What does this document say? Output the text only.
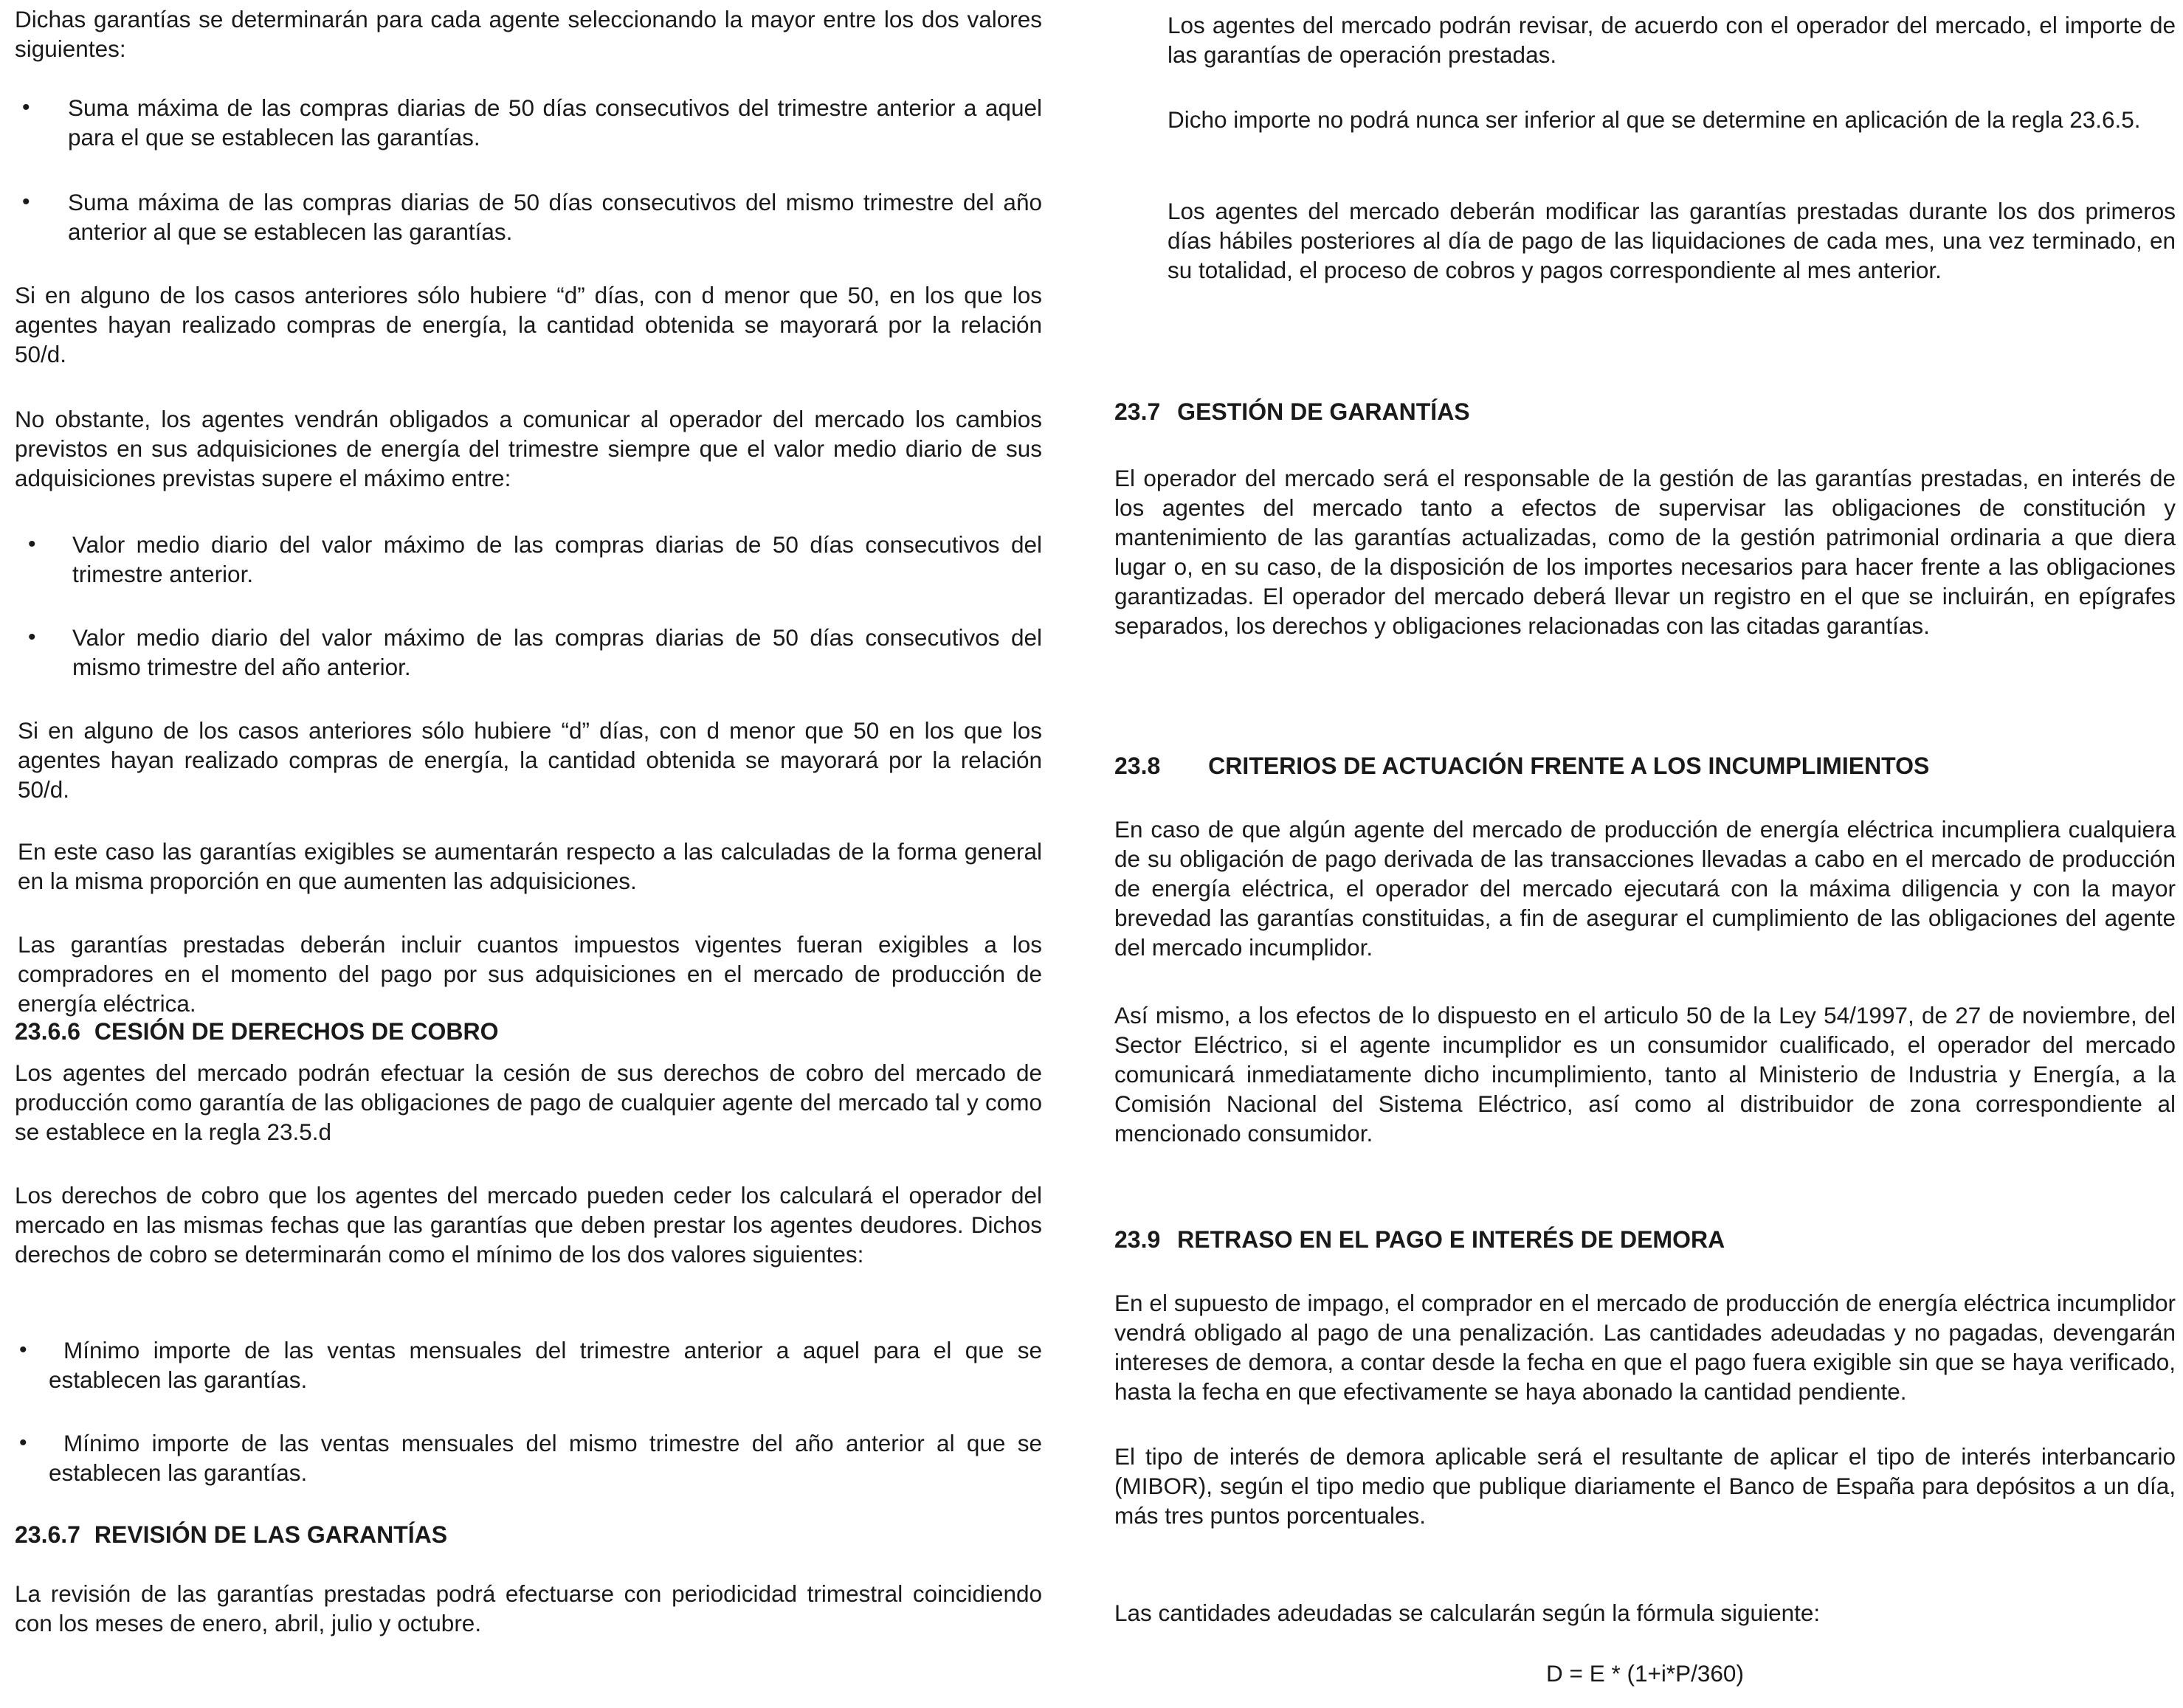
Dichas garantías se determinarán para cada agente seleccionando la mayor entre los dos valores siguientes:

• Suma máxima de las compras diarias de 50 días consecutivos del trimestre anterior a aquel para el que se establecen las garantías.

• Suma máxima de las compras diarias de 50 días consecutivos del mismo trimestre del año anterior al que se establecen las garantías.

Si en alguno de los casos anteriores sólo hubiere “d” días, con d menor que 50, en los que los agentes hayan realizado compras de energía, la cantidad obtenida se mayorará por la relación 50/d.

No obstante, los agentes vendrán obligados a comunicar al operador del mercado los cambios previstos en sus adquisiciones de energía del trimestre siempre que el valor medio diario de sus adquisiciones previstas supere el máximo entre:

• Valor medio diario del valor máximo de las compras diarias de 50 días consecutivos del trimestre anterior.

• Valor medio diario del valor máximo de las compras diarias de 50 días consecutivos del mismo trimestre del año anterior.

Si en alguno de los casos anteriores sólo hubiere “d” días, con d menor que 50 en los que los agentes hayan realizado compras de energía, la cantidad obtenida se mayorará por la relación 50/d.

En este caso las garantías exigibles se aumentarán respecto a las calculadas de la forma general en la misma proporción en que aumenten las adquisiciones.

Las garantías prestadas deberán incluir cuantos impuestos vigentes fueran exigibles a los compradores en el momento del pago por sus adquisiciones en el mercado de producción de energía eléctrica.

23.6.6 CESIÓN DE DERECHOS DE COBRO

Los agentes del mercado podrán efectuar la cesión de sus derechos de cobro del mercado de producción como garantía de las obligaciones de pago de cualquier agente del mercado tal y como se establece en la regla 23.5.d

Los derechos de cobro que los agentes del mercado pueden ceder los calculará el operador del mercado en las mismas fechas que las garantías que deben prestar los agentes deudores. Dichos derechos de cobro se determinarán como el mínimo de los dos valores siguientes:

•	Mínimo importe de las ventas mensuales del trimestre anterior a aquel para el que se establecen las garantías.

•	Mínimo importe de las ventas mensuales del mismo trimestre del año anterior al que se establecen las garantías.

23.6.7 REVISIÓN DE LAS GARANTÍAS

La revisión de las garantías prestadas podrá efectuarse con periodicidad trimestral coincidiendo con los meses de enero, abril, julio y octubre.

Los agentes del mercado podrán revisar, de acuerdo con el operador del mercado, el importe de las garantías de operación prestadas.

Dicho importe no podrá nunca ser inferior al que se determine en aplicación de la regla 23.6.5.

Los agentes del mercado deberán modificar las garantías prestadas durante los dos primeros días hábiles posteriores al día de pago de las liquidaciones de cada mes, una vez terminado, en su totalidad, el proceso de cobros y pagos correspondiente al mes anterior.

23.7 GESTIÓN DE GARANTÍAS

El operador del mercado será el responsable de la gestión de las garantías prestadas, en interés de los agentes del mercado tanto a efectos de supervisar las obligaciones de constitución y mantenimiento de las garantías actualizadas, como de la gestión patrimonial ordinaria a que diera lugar o, en su caso, de la disposición de los importes necesarios para hacer frente a las obligaciones garantizadas. El operador del mercado deberá llevar un registro en el que se incluirán, en epígrafes separados, los derechos y obligaciones relacionadas con las citadas garantías.

23.8 CRITERIOS DE ACTUACIÓN FRENTE A LOS INCUMPLIMIENTOS

En caso de que algún agente del mercado de producción de energía eléctrica incumpliera cualquiera de su obligación de pago derivada de las transacciones llevadas a cabo en el mercado de producción de energía eléctrica, el operador del mercado ejecutará con la máxima diligencia y con la mayor brevedad las garantías constituidas, a fin de asegurar el cumplimiento de las obligaciones del agente del mercado incumplidor.

Así mismo, a los efectos de lo dispuesto en el articulo 50 de la Ley 54/1997, de 27 de noviembre, del Sector Eléctrico, si el agente incumplidor es un consumidor cualificado, el operador del mercado comunicará inmediatamente dicho incumplimiento, tanto al Ministerio de Industria y Energía, a la Comisión Nacional del Sistema Eléctrico, así como al distribuidor de zona correspondiente al mencionado consumidor.

23.9 RETRASO EN EL PAGO E INTERÉS DE DEMORA

En el supuesto de impago, el comprador en el mercado de producción de energía eléctrica incumplidor vendrá obligado al pago de una penalización. Las cantidades adeudadas y no pagadas, devengarán intereses de demora, a contar desde la fecha en que el pago fuera exigible sin que se haya verificado, hasta la fecha en que efectivamente se haya abonado la cantidad pendiente.

El tipo de interés de demora aplicable será el resultante de aplicar el tipo de interés interbancario (MIBOR), según el tipo medio que publique diariamente el Banco de España para depósitos a un día, más tres puntos porcentuales.

Las cantidades adeudadas se calcularán según la fórmula siguiente:

D = E * (1+i*P/360)
